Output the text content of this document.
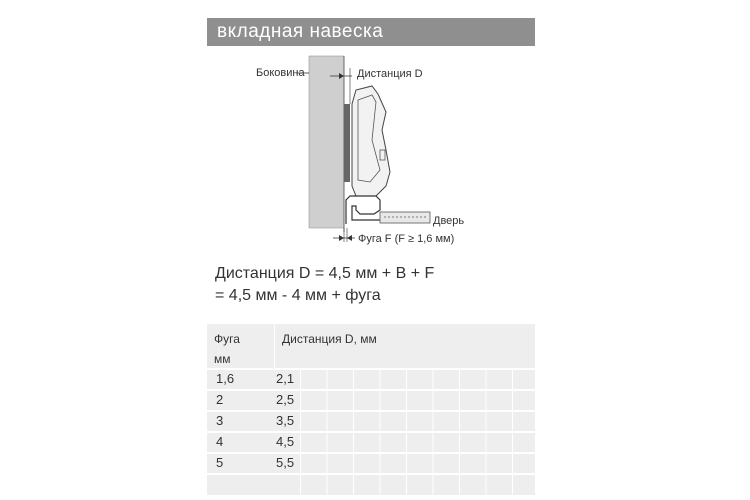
вкладная навеска
Боковина	Дистанция D
Дверь
Фуга F (F ≥ 1,6 мм)
Дистанция D = 4,5 мм + B + F
= 4,5 мм - 4 мм + фуга
Фуга
мм
Дистанция D, мм
1,6	2,1
2	2,5
3	3,5
4	4,5
5	5,5
